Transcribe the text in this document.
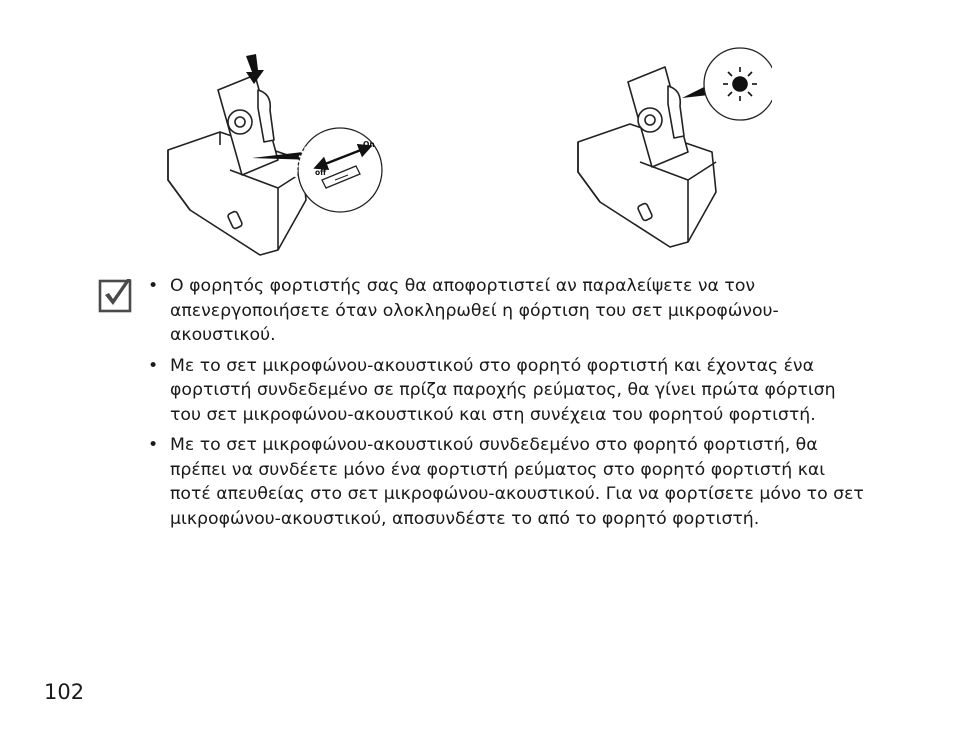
On
off
• Ο φορητός φορτιστής σας θα αποφορτιστεί αν παραλείψετε να τον απενεργοποιήσετε όταν ολοκληρωθεί η φόρτιση του σετ μικροφώνου-ακουστικού.
• Με το σετ μικροφώνου-ακουστικού στο φορητό φορτιστή και έχοντας ένα φορτιστή συνδεδεμένο σε πρίζα παροχής ρεύματος, θα γίνει πρώτα φόρτιση του σετ μικροφώνου-ακουστικού και στη συνέχεια του φορητού φορτιστή.
• Με το σετ μικροφώνου-ακουστικού συνδεδεμένο στο φορητό φορτιστή, θα πρέπει να συνδέετε μόνο ένα φορτιστή ρεύματος στο φορητό φορτιστή και ποτέ απευθείας στο σετ μικροφώνου-ακουστικού. Για να φορτίσετε μόνο το σετ μικροφώνου-ακουστικού, αποσυνδέστε το από το φορητό φορτιστή.
102
